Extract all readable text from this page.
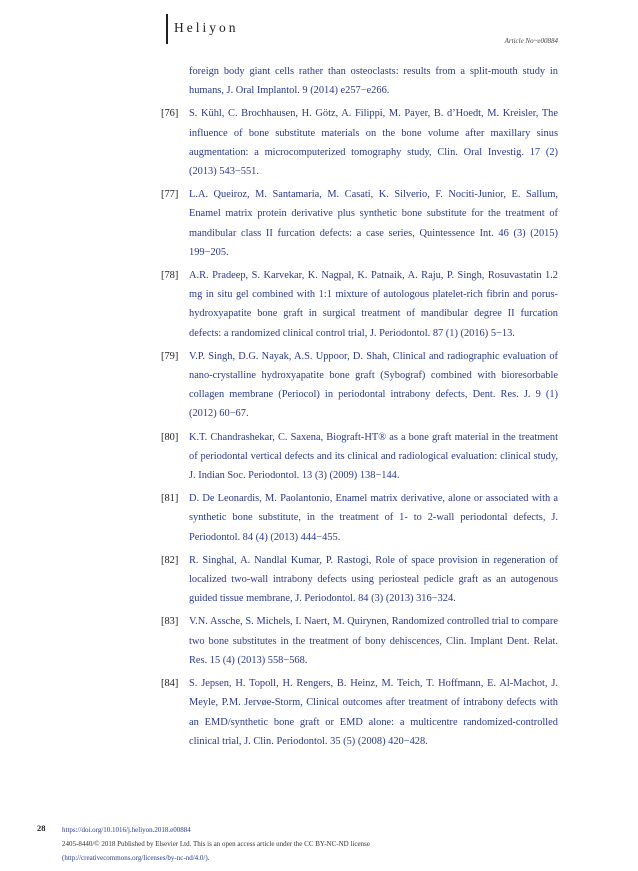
Heliyon
Article No~e00884
foreign body giant cells rather than osteoclasts: results from a split-mouth study in humans, J. Oral Implantol. 9 (2014) e257−e266.
[76] S. Kühl, C. Brochhausen, H. Götz, A. Filippi, M. Payer, B. d’Hoedt, M. Kreisler, The influence of bone substitute materials on the bone volume after maxillary sinus augmentation: a microcomputerized tomography study, Clin. Oral Investig. 17 (2) (2013) 543−551.
[77] L.A. Queiroz, M. Santamaria, M. Casati, K. Silverio, F. Nociti-Junior, E. Sallum, Enamel matrix protein derivative plus synthetic bone substitute for the treatment of mandibular class II furcation defects: a case series, Quintessence Int. 46 (3) (2015) 199−205.
[78] A.R. Pradeep, S. Karvekar, K. Nagpal, K. Patnaik, A. Raju, P. Singh, Rosuvastatin 1.2 mg in situ gel combined with 1:1 mixture of autologous platelet-rich fibrin and porus- hydroxyapatite bone graft in surgical treatment of mandibular degree II furcation defects: a randomized clinical control trial, J. Periodontol. 87 (1) (2016) 5−13.
[79] V.P. Singh, D.G. Nayak, A.S. Uppoor, D. Shah, Clinical and radiographic evaluation of nano-crystalline hydroxyapatite bone graft (Sybograf) combined with bioresorbable collagen membrane (Periocol) in periodontal intrabony defects, Dent. Res. J. 9 (1) (2012) 60−67.
[80] K.T. Chandrashekar, C. Saxena, Biograft-HT® as a bone graft material in the treatment of periodontal vertical defects and its clinical and radiological evaluation: clinical study, J. Indian Soc. Periodontol. 13 (3) (2009) 138−144.
[81] D. De Leonardis, M. Paolantonio, Enamel matrix derivative, alone or associated with a synthetic bone substitute, in the treatment of 1- to 2-wall periodontal defects, J. Periodontol. 84 (4) (2013) 444−455.
[82] R. Singhal, A. Nandlal Kumar, P. Rastogi, Role of space provision in regeneration of localized two-wall intrabony defects using periosteal pedicle graft as an autogenous guided tissue membrane, J. Periodontol. 84 (3) (2013) 316−324.
[83] V.N. Assche, S. Michels, I. Naert, M. Quirynen, Randomized controlled trial to compare two bone substitutes in the treatment of bony dehiscences, Clin. Implant Dent. Relat. Res. 15 (4) (2013) 558−568.
[84] S. Jepsen, H. Topoll, H. Rengers, B. Heinz, M. Teich, T. Hoffmann, E. Al-Machot, J. Meyle, P.M. Jervøe-Storm, Clinical outcomes after treatment of intrabony defects with an EMD/synthetic bone graft or EMD alone: a multicentre randomized-controlled clinical trial, J. Clin. Periodontol. 35 (5) (2008) 420−428.
28 https://doi.org/10.1016/j.heliyon.2018.e00884
2405-8440/© 2018 Published by Elsevier Ltd. This is an open access article under the CC BY-NC-ND license
(http://creativecommons.org/licenses/by-nc-nd/4.0/).
